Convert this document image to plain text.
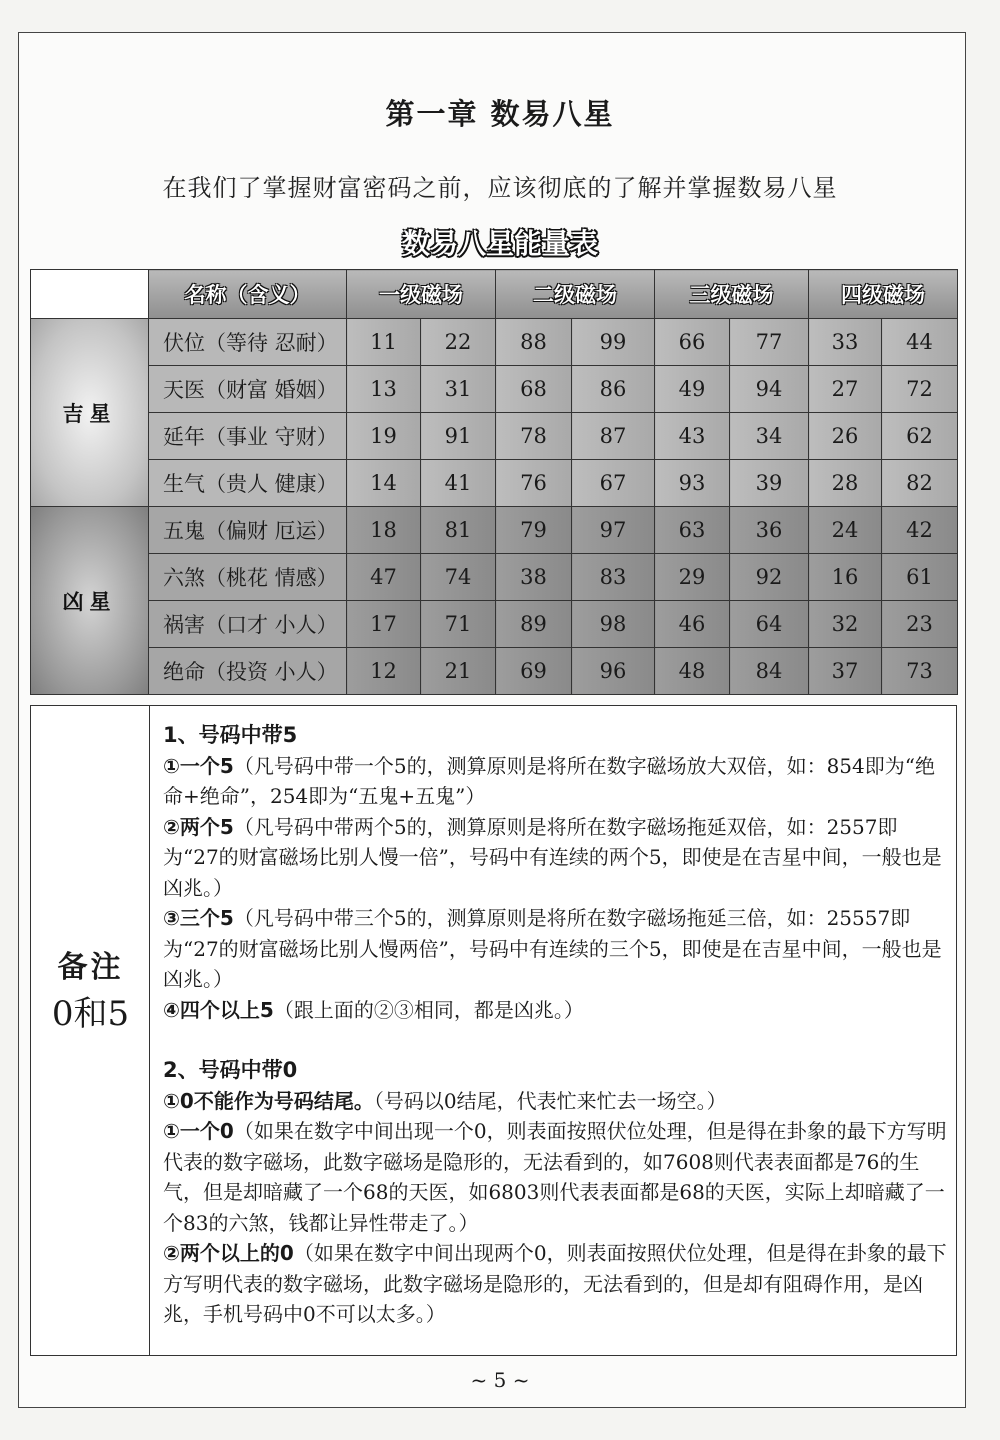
第一章 数易八星
在我们了掌握财富密码之前，应该彻底的了解并掌握数易八星
数易八星能量表
	名称（含义）	一级磁场		二级磁场		三级磁场		四级磁场	
吉星	伏位（等待 忍耐）	11	22	88	99	66	77	33	44
	天医（财富 婚姻）	13	31	68	86	49	94	27	72
	延年（事业 守财）	19	91	78	87	43	34	26	62
	生气（贵人 健康）	14	41	76	67	93	39	28	82
凶星	五鬼（偏财 厄运）	18	81	79	97	63	36	24	42
	六煞（桃花 情感）	47	74	38	83	29	92	16	61
	祸害（口才 小人）	17	71	89	98	46	64	32	23
	绝命（投资 小人）	12	21	69	96	48	84	37	73
备注
0和5

1、号码中带5

①一个5（凡号码中带一个5的，测算原则是将所在数字磁场放大双倍，如：854即为“绝命+绝命”，254即为“五鬼+五鬼”）

②两个5（凡号码中带两个5的，测算原则是将所在数字磁场拖延双倍，如：2557即为“27的财富磁场比别人慢一倍”，号码中有连续的两个5，即使是在吉星中间，一般也是凶兆。）

③三个5（凡号码中带三个5的，测算原则是将所在数字磁场拖延三倍，如：25557即为“27的财富磁场比别人慢两倍”，号码中有连续的三个5，即使是在吉星中间，一般也是凶兆。）

④四个以上5（跟上面的②③相同，都是凶兆。）

2、号码中带0

①0不能作为号码结尾。（号码以0结尾，代表忙来忙去一场空。）

①一个0（如果在数字中间出现一个0，则表面按照伏位处理，但是得在卦象的最下方写明代表的数字磁场，此数字磁场是隐形的，无法看到的，如7608则代表表面都是76的生气，但是却暗藏了一个68的天医，如6803则代表表面都是68的天医，实际上却暗藏了一个83的六煞，钱都让异性带走了。）

②两个以上的0（如果在数字中间出现两个0，则表面按照伏位处理，但是得在卦象的最下方写明代表的数字磁场，此数字磁场是隐形的，无法看到的，但是却有阻碍作用，是凶兆，手机号码中0不可以太多。）

~ 5 ~
